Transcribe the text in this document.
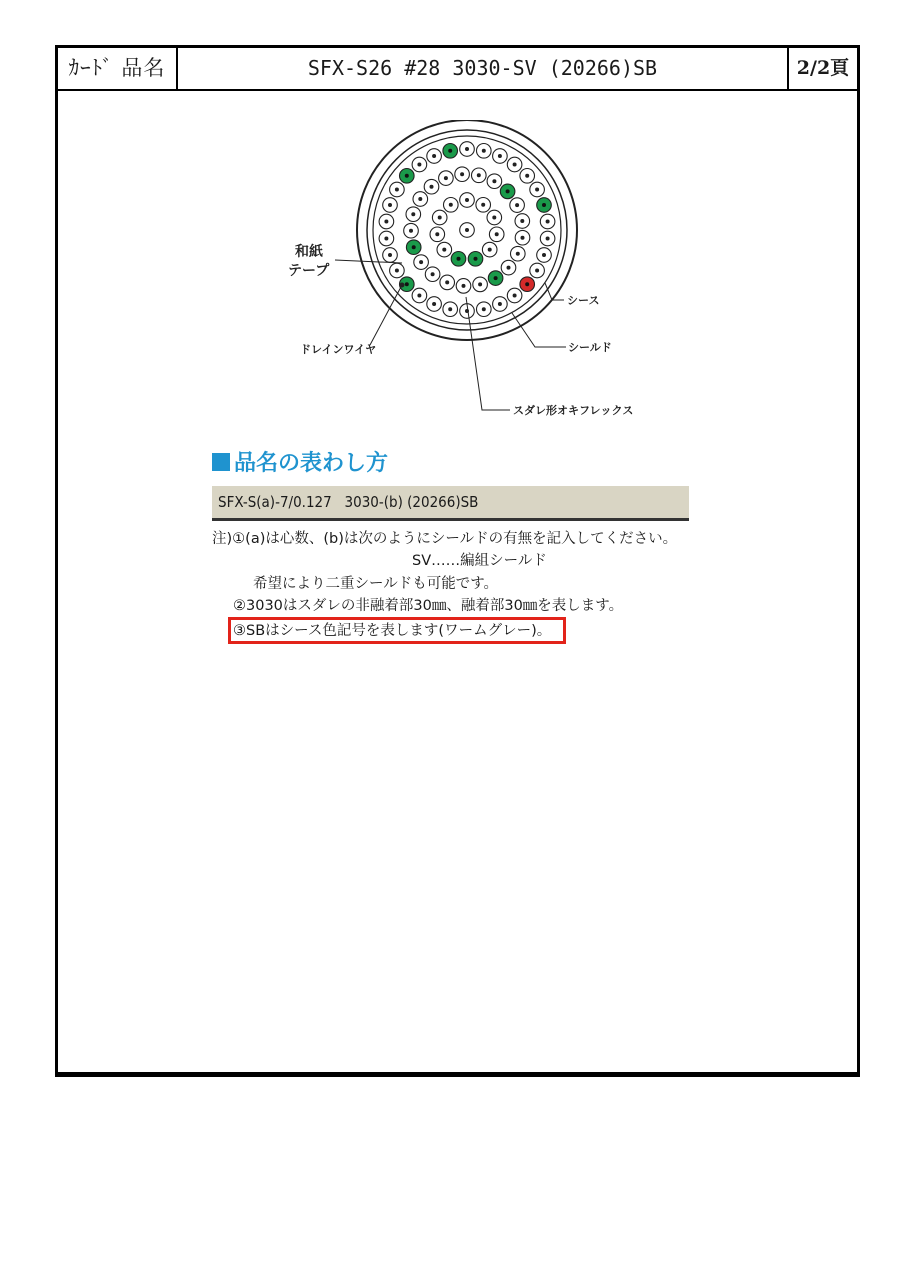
ｶｰﾄﾞ 品名	SFX-S26 #28 3030-SV (20266)SB	2/2頁
和紙
テープ
ドレインワイヤ
シース
シールド
スダレ形オキフレックス
品名の表わし方
SFX-S(a)-7/0.127   3030-(b) (20266)SB
注)①(a)は心数、(b)は次のようにシールドの有無を記入してください。
SV……編組シールド
希望により二重シールドも可能です。
②3030はスダレの非融着部30㎜、融着部30㎜を表します。
③SBはシース色記号を表します(ワームグレー)。
